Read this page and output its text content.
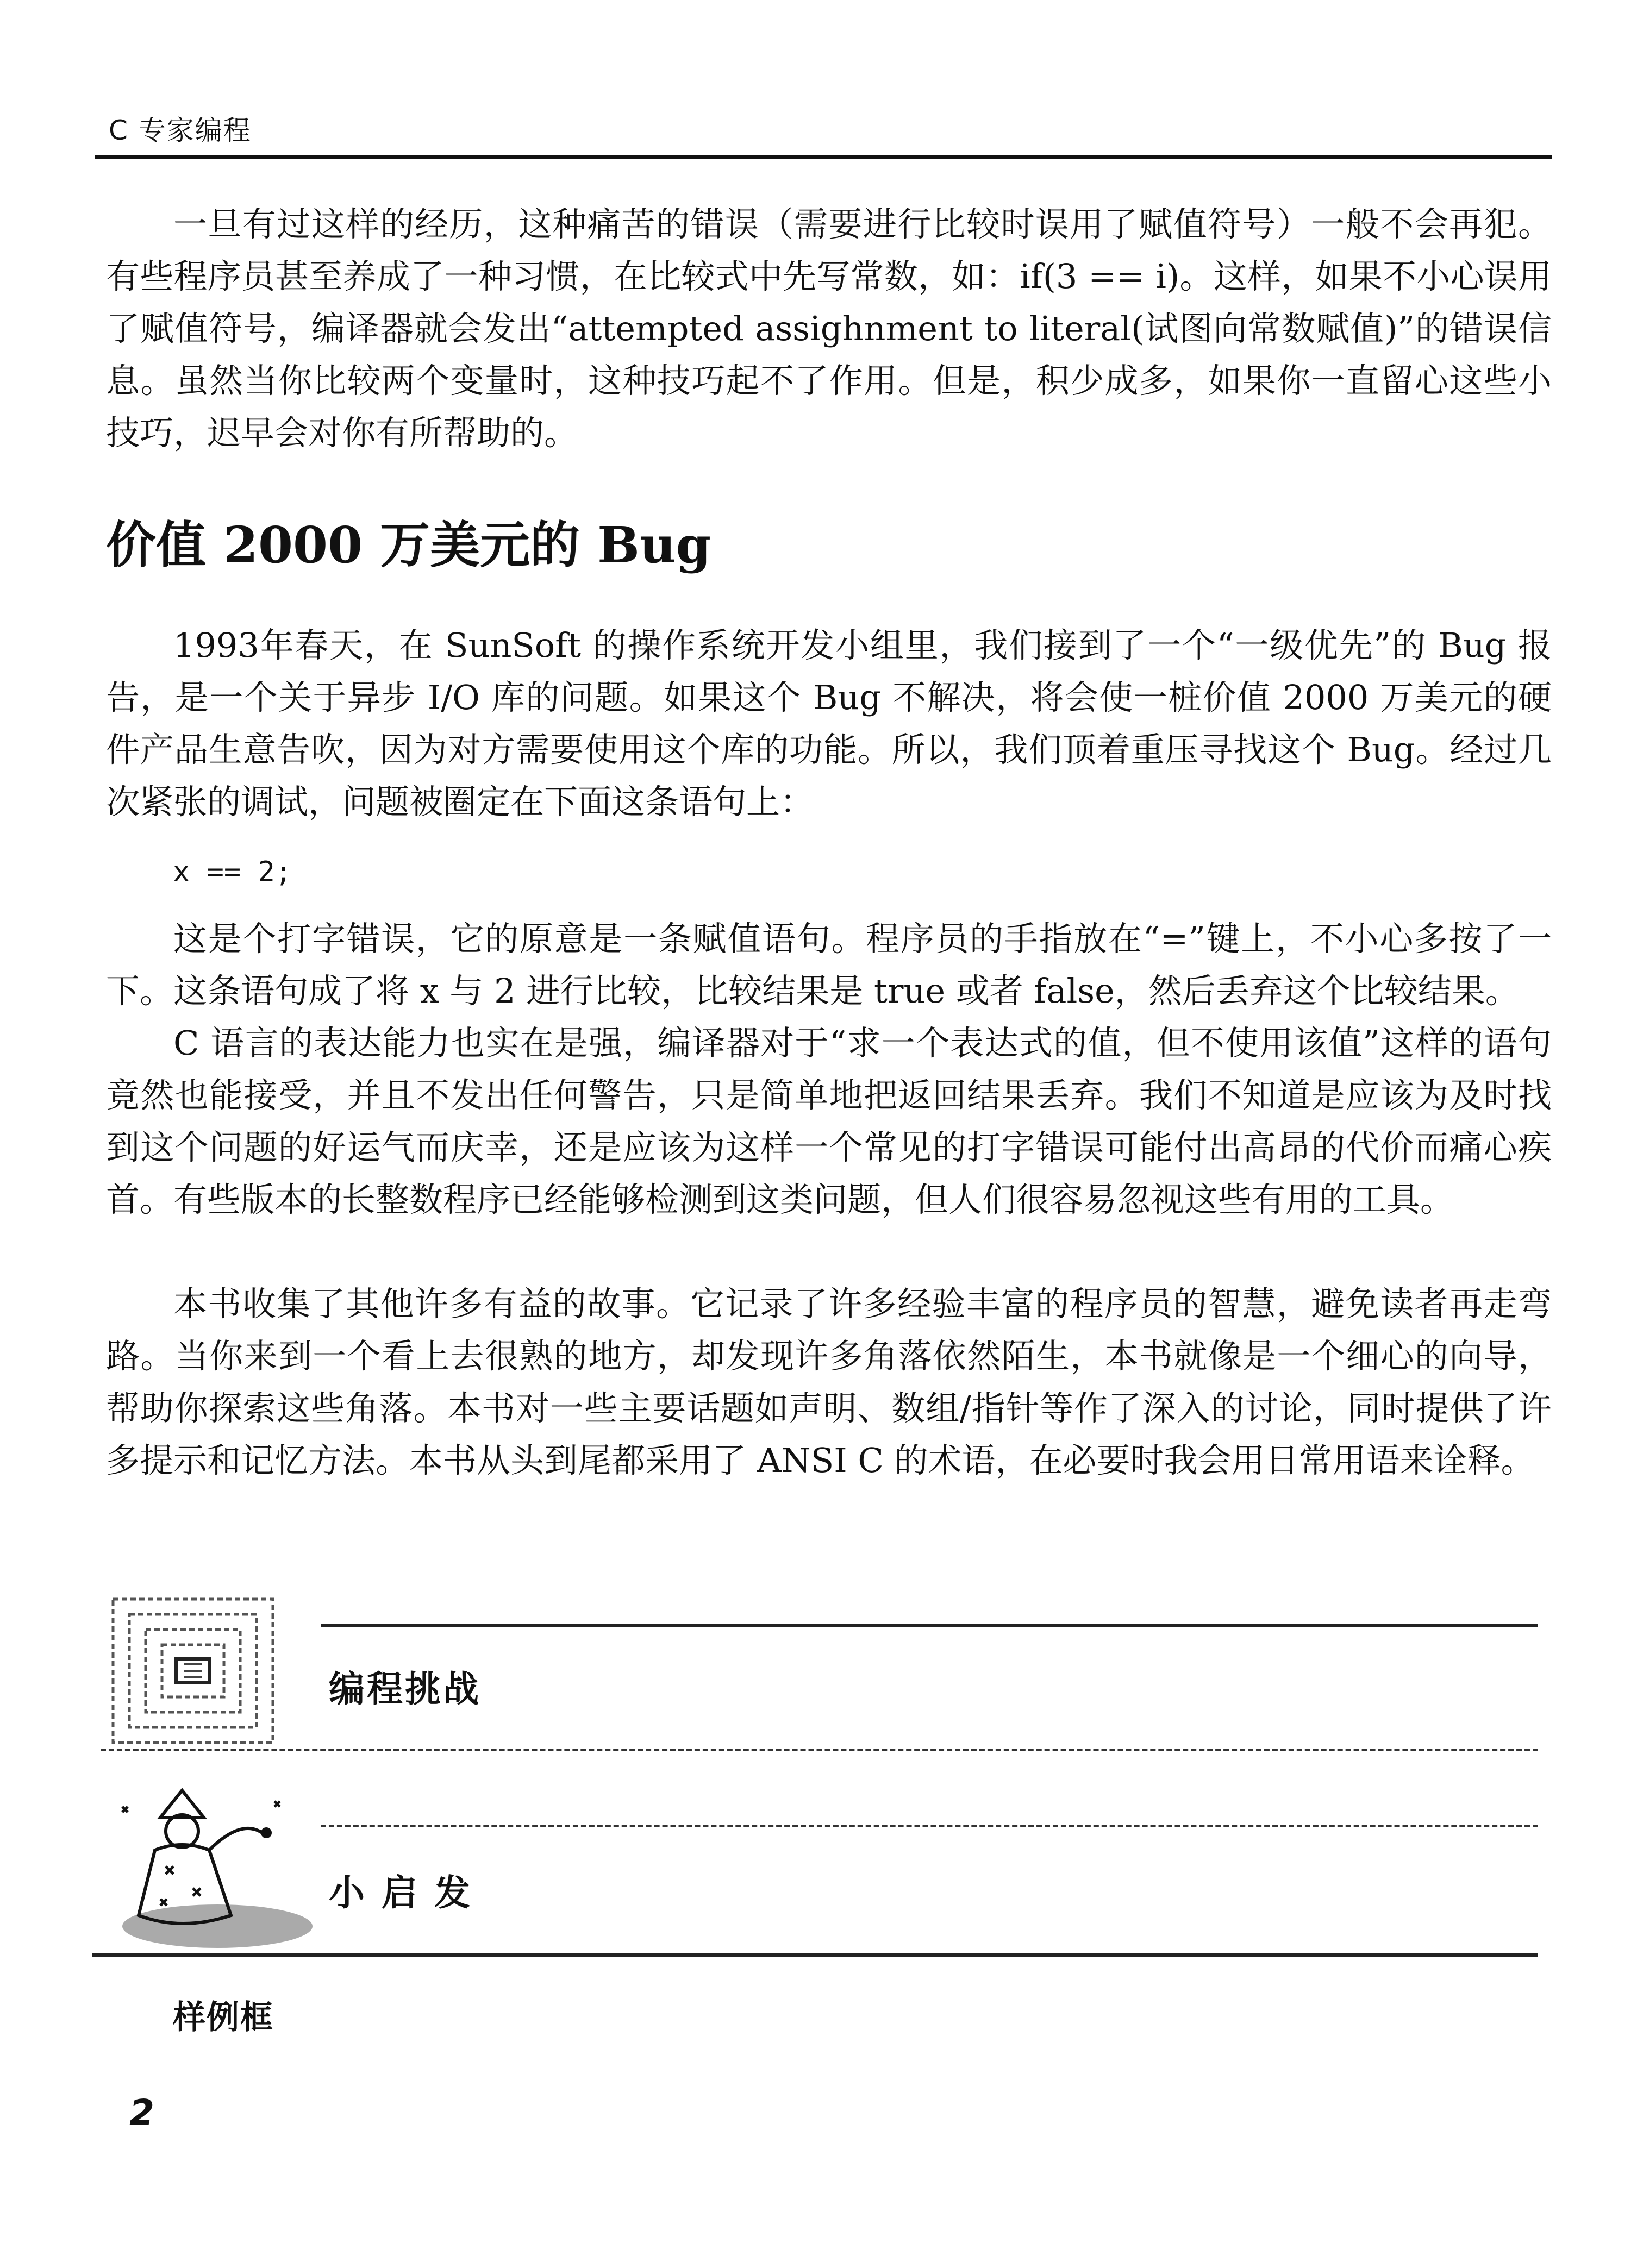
C 专家编程

一旦有过这样的经历，这种痛苦的错误（需要进行比较时误用了赋值符号）一般不会再犯。有些程序员甚至养成了一种习惯，在比较式中先写常数，如：if(3 == i)。这样，如果不小心误用了赋值符号，编译器就会发出“attempted assighnment to literal(试图向常数赋值)”的错误信息。虽然当你比较两个变量时，这种技巧起不了作用。但是，积少成多，如果你一直留心这些小技巧，迟早会对你有所帮助的。

价值 2000 万美元的 Bug

1993年春天，在 SunSoft 的操作系统开发小组里，我们接到了一个“一级优先”的 Bug 报告，是一个关于异步 I/O 库的问题。如果这个 Bug 不解决，将会使一桩价值 2000 万美元的硬件产品生意告吹，因为对方需要使用这个库的功能。所以，我们顶着重压寻找这个 Bug。经过几次紧张的调试，问题被圈定在下面这条语句上：

x == 2;

这是个打字错误，它的原意是一条赋值语句。程序员的手指放在“=”键上，不小心多按了一下。这条语句成了将 x 与 2 进行比较，比较结果是 true 或者 false，然后丢弃这个比较结果。

C 语言的表达能力也实在是强，编译器对于“求一个表达式的值，但不使用该值”这样的语句竟然也能接受，并且不发出任何警告，只是简单地把返回结果丢弃。我们不知道是应该为及时找到这个问题的好运气而庆幸，还是应该为这样一个常见的打字错误可能付出高昂的代价而痛心疾首。有些版本的长整数程序已经能够检测到这类问题，但人们很容易忽视这些有用的工具。

本书收集了其他许多有益的故事。它记录了许多经验丰富的程序员的智慧，避免读者再走弯路。当你来到一个看上去很熟的地方，却发现许多角落依然陌生，本书就像是一个细心的向导，帮助你探索这些角落。本书对一些主要话题如声明、数组/指针等作了深入的讨论，同时提供了许多提示和记忆方法。本书从头到尾都采用了 ANSI C 的术语，在必要时我会用日常用语来诠释。

编程挑战
小 启 发
样例框
2
